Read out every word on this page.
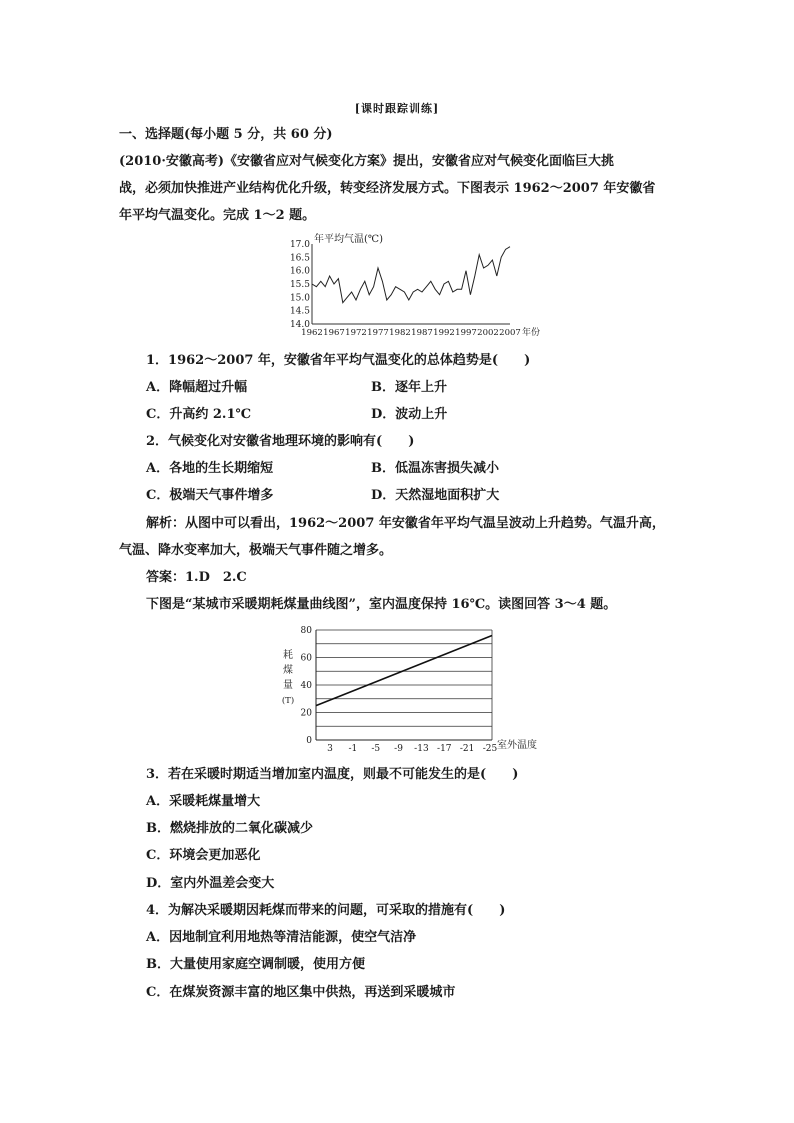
[课时跟踪训练]
一、选择题(每小题 5 分，共 60 分)
(2010·安徽高考)《安徽省应对气候变化方案》提出，安徽省应对气候变化面临巨大挑
战，必须加快推进产业结构优化升级，转变经济发展方式。下图表示 1962～2007 年安徽省
年平均气温变化。完成 1～2 题。
年平均气温(℃)
17.0
16.5
16.0
15.5
15.0
14.5
14.0
1962 1967 1972 1977 1982 1987 1992 1997 2002 2007 年份
1．1962～2007 年，安徽省年平均气温变化的总体趋势是(　　)
A．降幅超过升幅	B．逐年上升
C．升高约 2.1℃	D．波动上升
2．气候变化对安徽省地理环境的影响有(　　)
A．各地的生长期缩短	B．低温冻害损失减小
C．极端天气事件增多	D．天然湿地面积扩大
解析：从图中可以看出，1962～2007 年安徽省年平均气温呈波动上升趋势。气温升高，
气温、降水变率加大，极端天气事件随之增多。
答案：1.D　2.C
下图是“某城市采暖期耗煤量曲线图”，室内温度保持 16℃。读图回答 3～4 题。
80
60
40
20
0
3 -1 -5 -9 -13 -17 -21 -25
耗
煤
量
(T)
室外温度
3．若在采暖时期适当增加室内温度，则最不可能发生的是(　　)
A．采暖耗煤量增大
B．燃烧排放的二氧化碳减少
C．环境会更加恶化
D．室内外温差会变大
4．为解决采暖期因耗煤而带来的问题，可采取的措施有(　　)
A．因地制宜利用地热等清洁能源，使空气洁净
B．大量使用家庭空调制暖，使用方便
C．在煤炭资源丰富的地区集中供热，再送到采暖城市
